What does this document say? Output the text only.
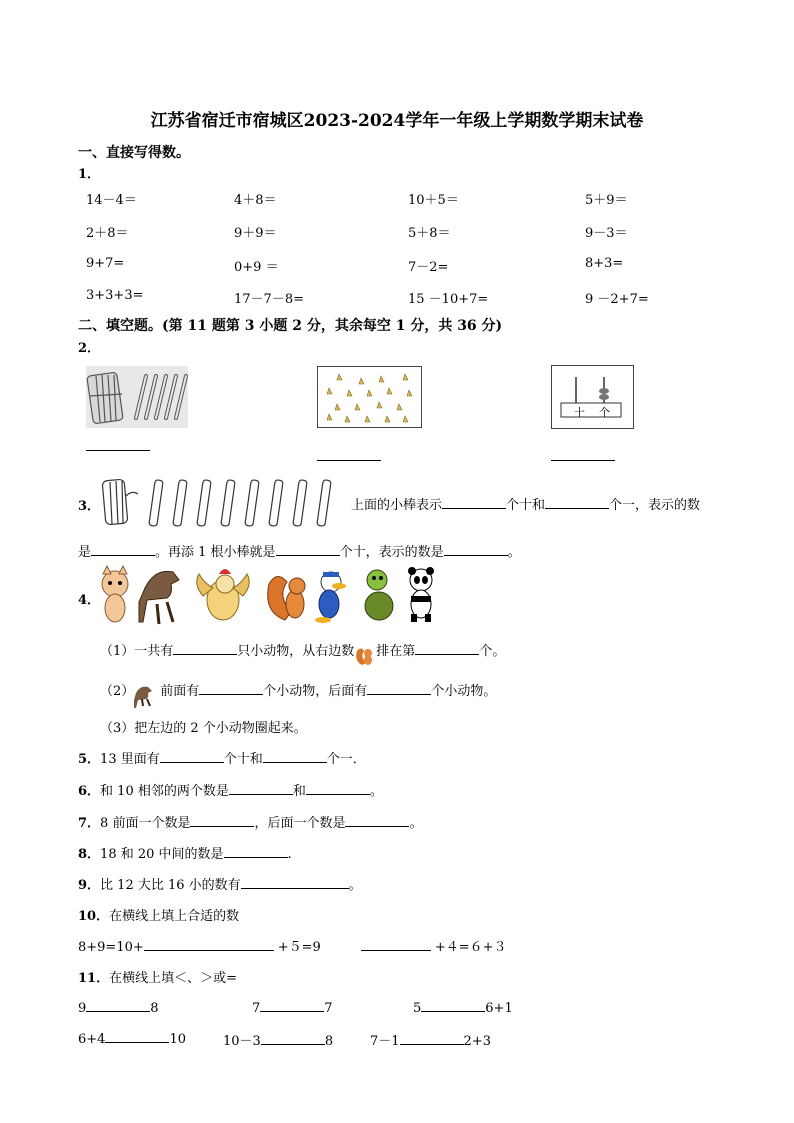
江苏省宿迁市宿城区2023-2024学年一年级上学期数学期末试卷
一、直接写得数。
1．
14－4＝	4＋8＝	10＋5＝	5＋9＝
2＋8＝	9＋9＝	5＋8＝	9－3＝
9+7=	0+9 ＝	7－2=	8+3=
3+3+3=	17－7－8=	15 －10+7=	9 －2+7=
二、填空题。(第 11 题第 3 小题 2 分，其余每空 1 分，共 36 分)
2．
十 个
3．	上面的小棒表示	个十和	个一，表示的数
是	。再添 1 根小棒就是	个十，表示的数是	。
4．
（1）一共有	只小动物，从右边数 排在第	个。
（2） 前面有	个小动物，后面有	个小动物。
（3）把左边的 2 个小动物圈起来。
5．13 里面有	个十和	个一．
6．和 10 相邻的两个数是	和	。
7．8 前面一个数是	，后面一个数是	。
8．18 和 20 中间的数是	.
9．比 12 大比 16 小的数有	。
10．在横线上填上合适的数
8+9=10+	+５=9	+４=６+３
11．在横线上填＜、＞或=
9	8	7	7	5	6+1
6+4	10	10－3	8	7－1	2+3
